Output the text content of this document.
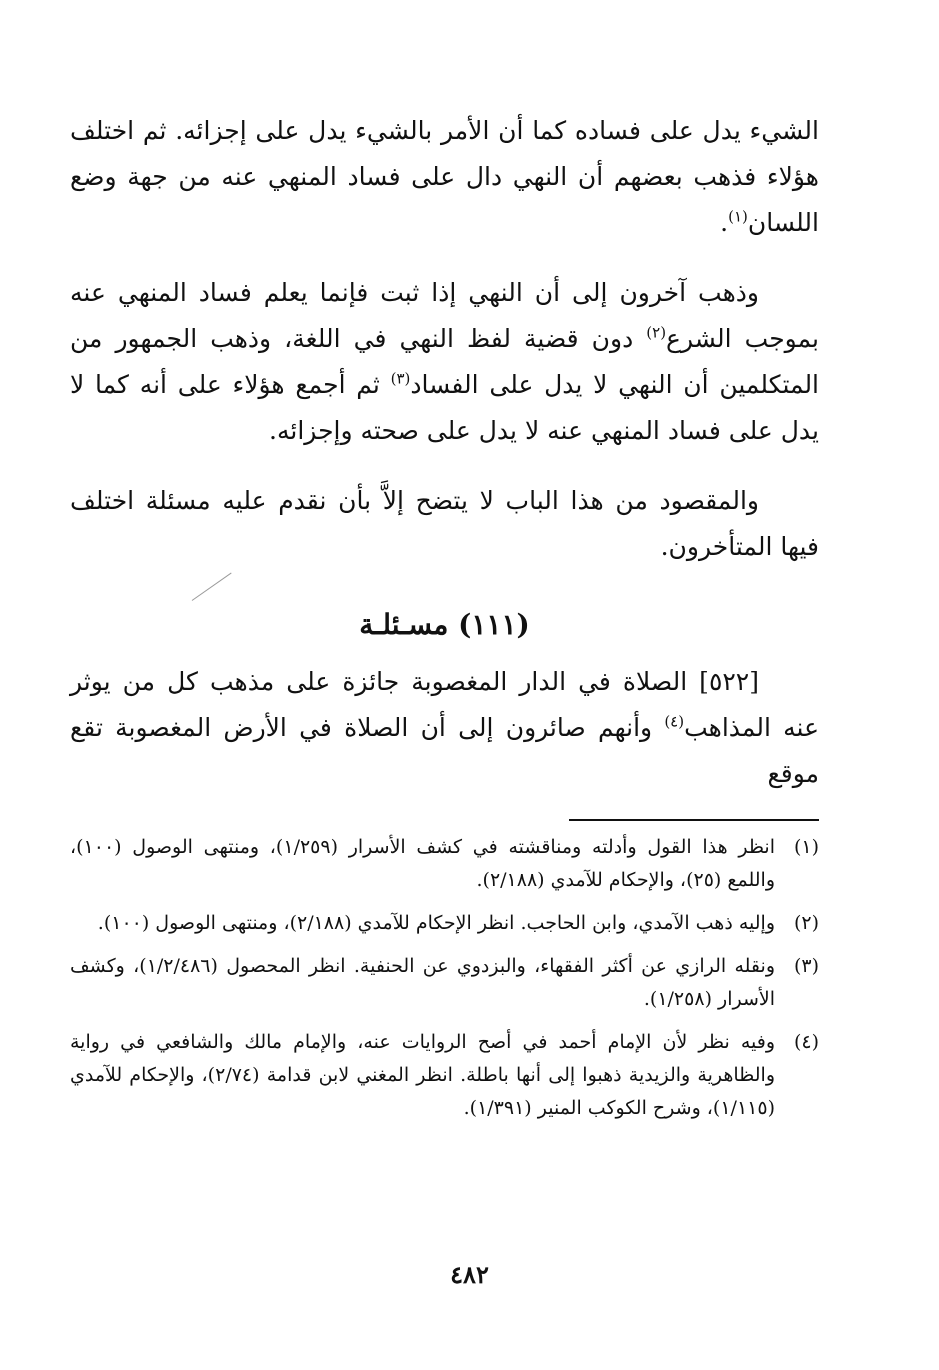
الشيء يدل على فساده كما أن الأمر بالشيء يدل على إجزائه. ثم اختلف هؤلاء فذهب بعضهم أن النهي دال على فساد المنهي عنه من جهة وضع اللسان$^{(١)}$.

وذهب آخرون إلى أن النهي إذا ثبت فإنما يعلم فساد المنهي عنه بموجب الشرع$^{(٢)}$ دون قضية لفظ النهي في اللغة، وذهب الجمهور من المتكلمين أن النهي لا يدل على الفساد$^{(٣)}$ ثم أجمع هؤلاء على أنه كما لا يدل على فساد المنهي عنه لا يدل على صحته وإجزائه.

والمقصود من هذا الباب لا يتضح إلاَّ بأن نقدم عليه مسئلة اختلف فيها المتأخرون.

(١١١) مسـئلـة

[٥٢٢] الصلاة في الدار المغصوبة جائزة على مذهب كل من يوثر عنه المذاهب$^{(٤)}$ وأنهم صائرون إلى أن الصلاة في الأرض المغصوبة تقع موقع

(١)
انظر هذا القول وأدلته ومناقشته في كشف الأسرار (١/٢٥٩)، ومنتهى الوصول (١٠٠)، واللمع (٢٥)، والإحكام للآمدي (٢/١٨٨).
(٢)
وإليه ذهب الآمدي، وابن الحاجب. انظر الإحكام للآمدي (٢/١٨٨)، ومنتهى الوصول (١٠٠).
(٣)
ونقله الرازي عن أكثر الفقهاء، والبزدوي عن الحنفية. انظر المحصول (١/٢/٤٨٦)، وكشف الأسرار (١/٢٥٨).
(٤)
وفيه نظر لأن الإمام أحمد في أصح الروايات عنه، والإمام مالك والشافعي في رواية والظاهرية والزيدية ذهبوا إلى أنها باطلة. انظر المغني لابن قدامة (٢/٧٤)، والإحكام للآمدي (١/١١٥)، وشرح الكوكب المنير (١/٣٩١).
٤٨٢
